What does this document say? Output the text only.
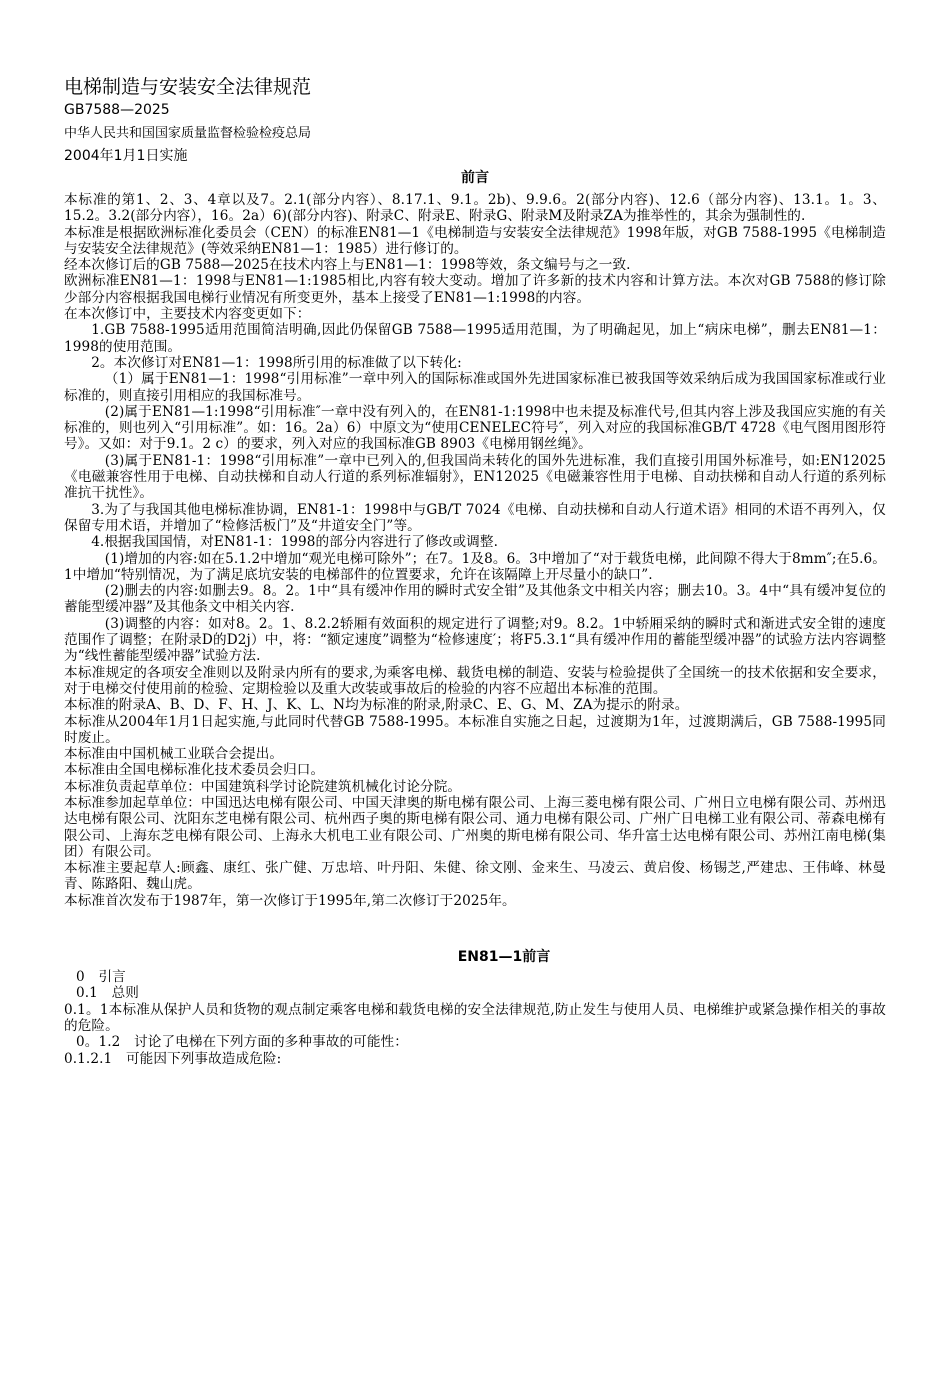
电梯制造与安装安全法律规范

GB7588—2025

中华人民共和国国家质量监督检验检疫总局

2004年1月1日实施

前言

本标准的第1、2、3、4章以及7。2.1(部分内容）、8.17.1、9.1。2b)、9.9.6。2(部分内容)、12.6（部分内容)、13.1。1。3、15.2。3.2(部分内容），16。2a）6)(部分内容)、附录C、附录E、附录G、附录M及附录ZA为推举性的，其余为强制性的.

本标准是根据欧洲标准化委员会（CEN）的标准EN81—1《电梯制造与安装安全法律规范》1998年版，对GB 7588-1995《电梯制造与安装安全法律规范》(等效采纳EN81—1：1985）进行修订的。

经本次修订后的GB 7588—2025在技术内容上与EN81—1：1998等效，条文编号与之一致.

欧洲标准EN81—1：1998与EN81—1:1985相比,内容有较大变动。增加了许多新的技术内容和计算方法。本次对GB 7588的修订除少部分内容根据我国电梯行业情况有所变更外，基本上接受了EN81—1:1998的内容。

在本次修订中，主要技术内容变更如下：

1.GB 7588-1995适用范围简洁明确,因此仍保留GB 7588—1995适用范围，为了明确起见，加上“病床电梯”，删去EN81—1：1998的使用范围。

2。本次修订对EN81—1：1998所引用的标准做了以下转化:

（1）属于EN81—1：1998“引用标准”一章中列入的国际标准或国外先进国家标准已被我国等效采纳后成为我国国家标准或行业标准的，则直接引用相应的我国标准号。

(2)属于EN81—1:1998“引用标准″一章中没有列入的，在EN81-1:1998中也未提及标准代号,但其内容上涉及我国应实施的有关标准的，则也列入“引用标准”。如：16。2a）6）中原文为“使用CENELEC符号″，列入对应的我国标准GB/T 4728《电气图用图形符号》。又如：对于9.1。2 c）的要求，列入对应的我国标准GB 8903《电梯用钢丝绳》。

(3)属于EN81-1：1998“引用标准”一章中已列入的,但我国尚未转化的国外先进标准，我们直接引用国外标准号，如:EN12025《电磁兼容性用于电梯、自动扶梯和自动人行道的系列标准辐射》，EN12025《电磁兼容性用于电梯、自动扶梯和自动人行道的系列标准抗干扰性》。

3.为了与我国其他电梯标准协调，EN81-1：1998中与GB/T 7024《电梯、自动扶梯和自动人行道术语》相同的术语不再列入，仅保留专用术语，并增加了“检修活板门”及“井道安全门”等。

4.根据我国国情，对EN81-1：1998的部分内容进行了修改或调整.

(1)增加的内容:如在5.1.2中增加“观光电梯可除外”；在7。1及8。6。3中增加了“对于载货电梯，此间隙不得大于8mm″;在5.6。1中增加“特别情况，为了满足底坑安装的电梯部件的位置要求，允许在该隔障上开尽量小的缺口”.

(2)删去的内容:如删去9。8。2。1中“具有缓冲作用的瞬时式安全钳”及其他条文中相关内容；删去10。3。4中“具有缓冲复位的蓄能型缓冲器”及其他条文中相关内容.

(3)调整的内容：如对8。2。1、8.2.2轿厢有效面积的规定进行了调整;对9。8.2。1中轿厢采纳的瞬时式和渐进式安全钳的速度范围作了调整；在附录D的D2j）中，将：“额定速度”调整为“检修速度′；将F5.3.1“具有缓冲作用的蓄能型缓冲器”的试验方法内容调整为“线性蓄能型缓冲器”试验方法.

本标准规定的各项安全准则以及附录内所有的要求,为乘客电梯、载货电梯的制造、安装与检验提供了全国统一的技术依据和安全要求，对于电梯交付使用前的检验、定期检验以及重大改装或事故后的检验的内容不应超出本标准的范围。

本标准的附录A、B、D、F、H、J、K、L、N均为标准的附录,附录C、E、G、M、ZA为提示的附录。

本标准从2004年1月1日起实施,与此同时代替GB 7588-1995。本标准自实施之日起，过渡期为1年，过渡期满后，GB 7588-1995同时废止。

本标准由中国机械工业联合会提出。

本标准由全国电梯标准化技术委员会归口。

本标准负责起草单位：中国建筑科学讨论院建筑机械化讨论分院。

本标准参加起草单位：中国迅达电梯有限公司、中国天津奥的斯电梯有限公司、上海三菱电梯有限公司、广州日立电梯有限公司、苏州迅达电梯有限公司、沈阳东芝电梯有限公司、杭州西子奥的斯电梯有限公司、通力电梯有限公司、广州广日电梯工业有限公司、蒂森电梯有限公司、上海东芝电梯有限公司、上海永大机电工业有限公司、广州奥的斯电梯有限公司、华升富士达电梯有限公司、苏州江南电梯(集团）有限公司。

本标准主要起草人:顾鑫、康红、张广健、万忠培、叶丹阳、朱健、徐文刚、金来生、马凌云、黄启俊、杨锡芝,严建忠、王伟峰、林曼青、陈路阳、魏山虎。

本标准首次发布于1987年，第一次修订于1995年,第二次修订于2025年。

EN81—1前言

0　引言

0.1　总则

0.1。1本标准从保护人员和货物的观点制定乘客电梯和载货电梯的安全法律规范,防止发生与使用人员、电梯维护或紧急操作相关的事故的危险。

0。1.2　讨论了电梯在下列方面的多种事故的可能性：

0.1.2.1　可能因下列事故造成危险:
